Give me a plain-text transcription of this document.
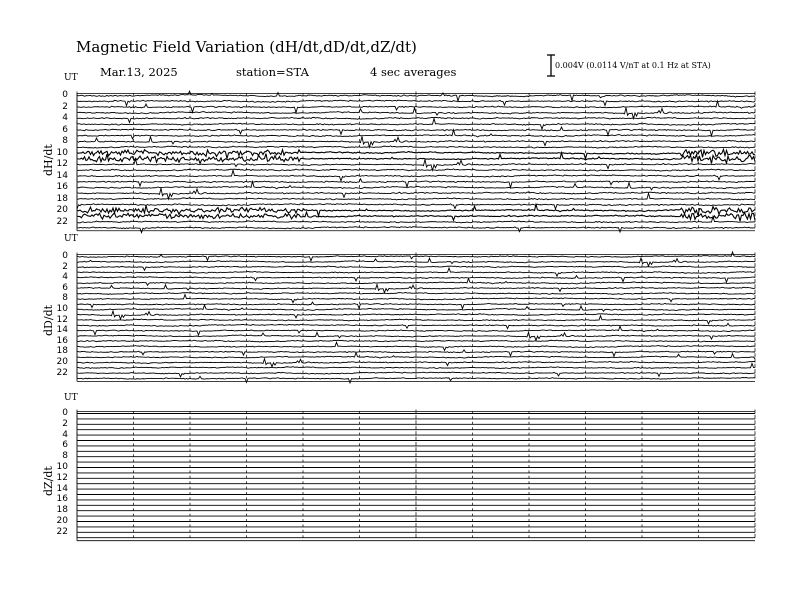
Magnetic Field Variation (dH/dt,dD/dt,dZ/dt)
Mar.13, 2025	station=STA	4 sec averages	0.004V (0.0114 V/nT at 0.1 Hz at STA)
UT
UT
UT
dH/dt
dD/dt
dZ/dt
0
2
4
6
8
10
12
14
16
18
20
22
0
2
4
6
8
10
12
14
16
18
20
22
0
2
4
6
8
10
12
14
16
18
20
22
